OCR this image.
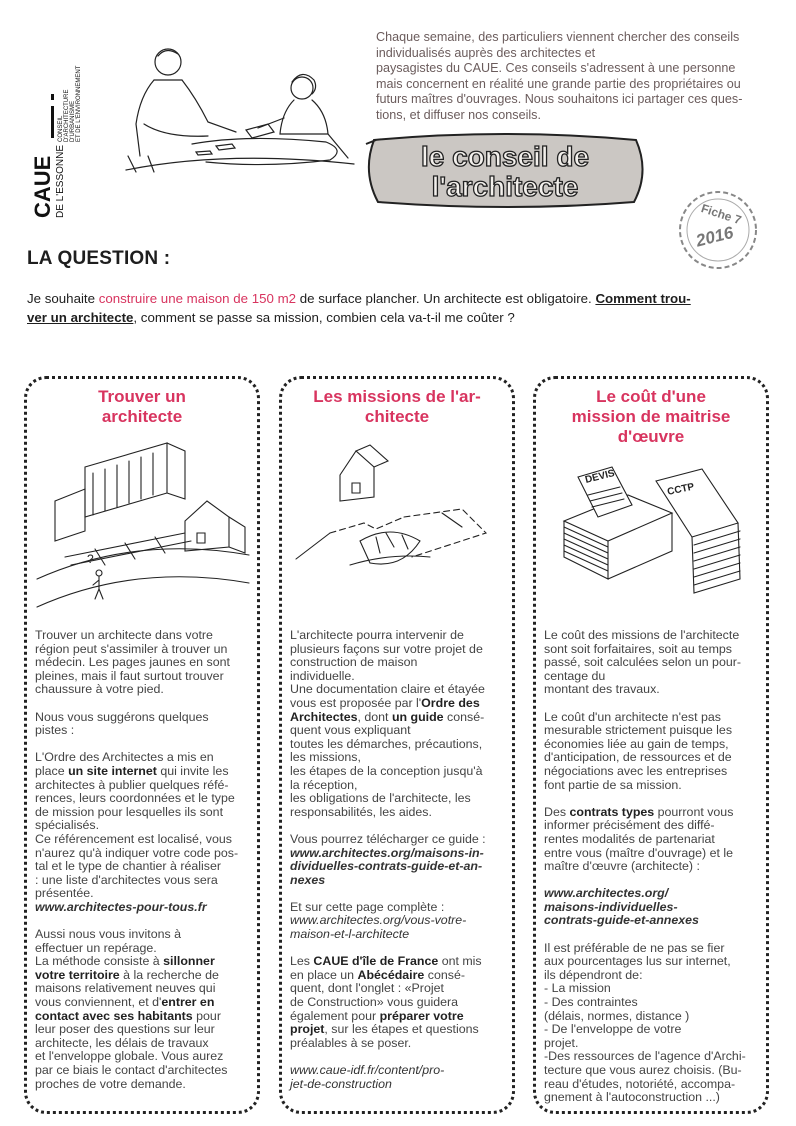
CAUE DE L'ESSONNE
CONSEIL D'ARCHITECTURE D'URBANISME ET DE L'ENVIRONNEMENT

Chaque semaine, des particuliers viennent chercher des conseils

individualisés auprès des architectes et

paysagistes du CAUE. Ces conseils s'adressent à une personne

mais concernent en réalité une grande partie des propriétaires ou

futurs maîtres d'ouvrages. Nous souhaitons ici partager ces ques-

tions, et diffuser nos conseils.

le conseil de
l'architecte
Fiche 7
2016
LA QUESTION :
Je souhaite construire une maison de 150 m2 de surface plancher. Un architecte est obligatoire. Comment trou-
ver un architecte, comment se passe sa mission, combien cela va-t-il me coûter ?
Trouver un
architecte
?

Trouver un architecte dans votre
région peut s'assimiler à trouver un
médecin. Les pages jaunes en sont
pleines, mais il faut surtout trouver
chaussure à votre pied.

Nous vous suggérons quelques
pistes :

L'Ordre des Architectes a mis en
place un site internet qui invite les
architectes à publier quelques réfé-
rences, leurs coordonnées et le type
de mission pour lesquelles ils sont
spécialisés.
Ce référencement est localisé, vous
n'aurez qu'à indiquer votre code pos-
tal et le type de chantier à réaliser
: une liste d'architectes vous sera
présentée.
www.architectes-pour-tous.fr

Aussi nous vous invitons à
effectuer un repérage.
La méthode consiste à sillonner
votre territoire à la recherche de
maisons relativement neuves qui
vous conviennent, et d'entrer en
contact avec ses habitants pour
leur poser des questions sur leur
architecte, les délais de travaux
et l'enveloppe globale. Vous aurez
par ce biais le contact d'architectes
proches de votre demande.

Les missions de l'ar-
chitecte

L'architecte pourra intervenir de
plusieurs façons sur votre projet de
construction de maison
individuelle.
Une documentation claire et étayée
vous est proposée par l'Ordre des
Architectes, dont un guide consé-
quent vous expliquant
toutes les démarches, précautions,
les missions,
les étapes de la conception jusqu'à
la réception,
les obligations de l'architecte, les
responsabilités, les aides.

Vous pourrez télécharger ce guide :
www.architectes.org/maisons-in-
dividuelles-contrats-guide-et-an-
nexes

Et sur cette page complète :
www.architectes.org/vous-votre-
maison-et-l-architecte

Les CAUE d'île de France ont mis
en place un Abécédaire consé-
quent, dont l'onglet : «Projet
de Construction» vous guidera
également pour préparer votre
projet, sur les étapes et questions
préalables à se poser.

www.caue-idf.fr/content/pro-
jet-de-construction

Le coût d'une
mission de maitrise
d'œuvre
DEVIS
CCTP

Le coût des missions de l'architecte
sont soit forfaitaires, soit au temps
passé, soit calculées selon un pour-
centage du
montant des travaux.

Le coût d'un architecte n'est pas
mesurable strictement puisque les
économies liée au gain de temps,
d'anticipation, de ressources et de
négociations avec les entreprises
font partie de sa mission.

Des contrats types pourront vous
informer précisément des diffé-
rentes modalités de partenariat
entre vous (maître d'ouvrage) et le
maître d'œuvre (architecte) :

www.architectes.org/
maisons-individuelles-
contrats-guide-et-annexes

Il est préférable de ne pas se fier
aux pourcentages lus sur internet,
ils dépendront de:
- La mission
- Des contraintes
(délais, normes, distance )
- De l'enveloppe de votre
projet.
-Des ressources de l'agence d'Archi-
tecture que vous aurez choisis. (Bu-
reau d'études, notoriété, accompa-
gnement à l'autoconstruction ...)
